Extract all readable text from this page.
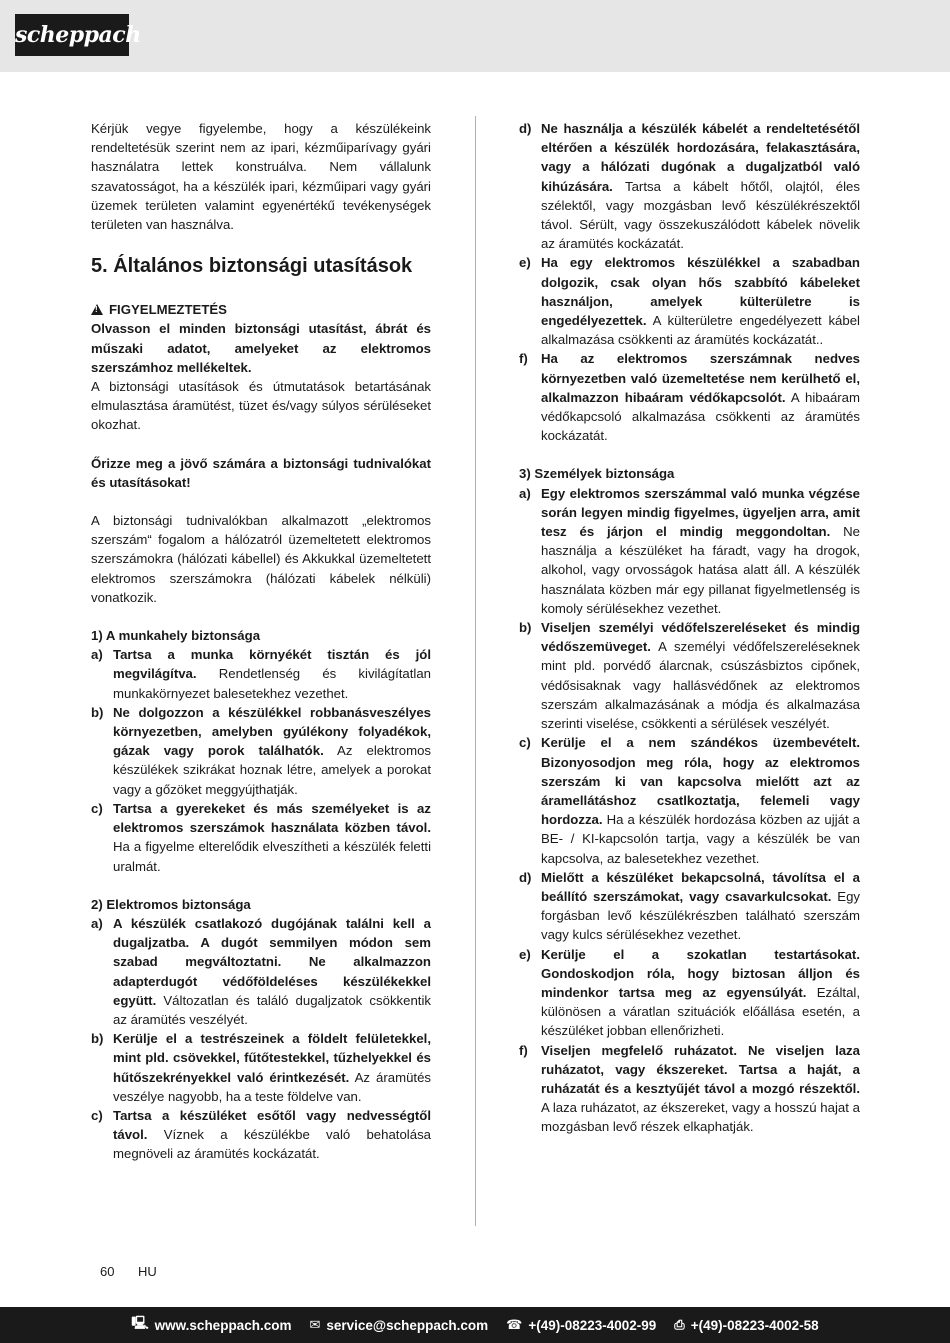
scheppach

Kérjük vegye figyelembe, hogy a készülékeink rendeltetésük szerint nem az ipari, kézműiparívagy gyári használatra lettek konstruálva. Nem vállalunk szavatosságot, ha a készülék ipari, kézműipari vagy gyári üzemek területen valamint egyenértékű tevékenységek területen van használva.

5. Általános biztonsági utasítások

!FIGYELMEZTETÉS

Olvasson el minden biztonsági utasítást, ábrát és műszaki adatot, amelyeket az elektromos szerszámhoz mellékeltek.

A biztonsági utasítások és útmutatások betartásának elmulasztása áramütést, tüzet és/vagy súlyos sérüléseket okozhat.

Őrizze meg a jövő számára a biztonsági tudnivalókat és utasításokat!

A biztonsági tudnivalókban alkalmazott „elektromos szerszám“ fogalom a hálózatról üzemeltetett elektromos szerszámokra (hálózati kábellel) és Akkukkal üzemeltetett elektromos szerszámokra (hálózati kábelek nélküli) vonatkozik.

1) A munkahely biztonsága

a) Tartsa a munka környékét tisztán és jól megvilágítva. Rendetlenség és kivilágítatlan munkakörnyezet balesetekhez vezethet.
b) Ne dolgozzon a készülékkel robbanásveszélyes környezetben, amelyben gyúlékony folyadékok, gázak vagy porok találhatók. Az elektromos készülékek szikrákat hoznak létre, amelyek a porokat vagy a gőzöket meggyújthatják.
c) Tartsa a gyerekeket és más személyeket is az elektromos szerszámok használata közben távol. Ha a figyelme elterelődik elveszítheti a készülék feletti uralmát.

2) Elektromos biztonsága

a) A készülék csatlakozó dugójának találni kell a dugaljzatba. A dugót semmilyen módon sem szabad megváltoztatni. Ne alkalmazzon adapterdugót védőföldeléses készülékekkel együtt. Változatlan és találó dugaljzatok csökkentik az áramütés veszélyét.
b) Kerülje el a testrészeinek a földelt felületekkel, mint pld. csövekkel, fűtőtestekkel, tűzhelyekkel és hűtőszekrényekkel való érintkezését. Az áramütés veszélye nagyobb, ha a teste földelve van.
c) Tartsa a készüléket esőtől vagy nedvességtől távol. Víznek a készülékbe való behatolása megnöveli az áramütés kockázatát.
d) Ne használja a készülék kábelét a rendeltetésétől eltérően a készülék hordozására, felakasztására, vagy a hálózati dugónak a dugaljzatból való kihúzására. Tartsa a kábelt hőtől, olajtól, éles szélektől, vagy mozgásban levő készülékrészektől távol. Sérült, vagy összekuszálódott kábelek növelik az áramütés kockázatát.
e) Ha egy elektromos készülékkel a szabadban dolgozik, csak olyan hős szabbító kábeleket használjon, amelyek külterületre is engedélyezettek. A külterületre engedélyezett kábel alkalmazása csökkenti az áramütés kockázatát..
f)	Ha az elektromos szerszámnak nedves környezetben való üzemeltetése nem kerülhető el, alkalmazzon hibaáram védőkapcsolót. A hibaáram védőkapcsoló alkalmazása csökkenti az áramütés kockázatát.

3) Személyek biztonsága

a) Egy elektromos szerszámmal való munka végzése során legyen mindig figyelmes, ügyeljen arra, amit tesz és járjon el mindig meggondoltan. Ne használja a készüléket ha fáradt, vagy ha drogok, alkohol, vagy orvosságok hatása alatt áll. A készülék használata közben már egy pillanat figyelmetlenség is komoly sérülésekhez vezethet.
b) Viseljen személyi védőfelszereléseket és mindig védőszemüveget. A személyi védőfelszereléseknek mint pld. porvédő álarcnak, csúszásbiztos cipőnek, védősisaknak vagy hallásvédőnek az elektromos szerszám alkalmazásának a módja és alkalmazása szerinti viselése, csökkenti a sérülések veszélyét.
c) Kerülje el a nem szándékos üzembevételt. Bizonyosodjon meg róla, hogy az elektromos szerszám ki van kapcsolva mielőtt azt az áramellátáshoz csatlkoztatja, felemeli vagy hordozza. Ha a készülék hordozása közben az ujját a BE- / KI-kapcsolón tartja, vagy a készülék be van kapcsolva, az balesetekhez vezethet.
d) Mielőtt a készüléket bekapcsolná, távolítsa el a beállító szerszámokat, vagy csavarkulcsokat. Egy forgásban levő készülékrészben található szerszám vagy kulcs sérülésekhez vezethet.
e) Kerülje el a szokatlan testartásokat. Gondoskodjon róla, hogy biztosan álljon és mindenkor tartsa meg az egyensúlyát. Ezáltal, különösen a váratlan szituációk előállása esetén, a készüléket jobban ellenőrizheti.
f)	Viseljen megfelelő ruházatot. Ne viseljen laza ruházatot, vagy ékszereket. Tartsa a haját, a ruházatát és a kesztyűjét távol a mozgó részektől. A laza ruházatot, az ékszereket, vagy a hosszú hajat a mozgásban levő részek elkaphatják.
60 HU
🖳 www.scheppach.com ✉ service@scheppach.com ☎ +(49)-08223-4002-99 ⎙ +(49)-08223-4002-58
